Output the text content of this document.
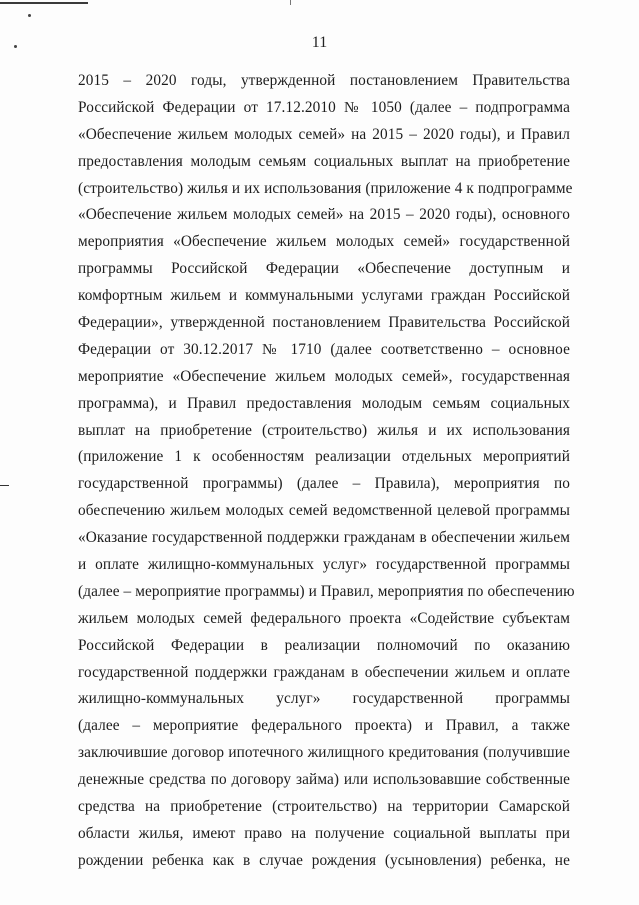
11
2015 – 2020 годы, утвержденной постановлением Правительства
Российской Федерации от 17.12.2010 № 1050 (далее – подпрограмма
«Обеспечение жильем молодых семей» на 2015 – 2020 годы), и Правил
предоставления молодым семьям социальных выплат на приобретение
(строительство) жилья и их использования (приложение 4 к подпрограмме
«Обеспечение жильем молодых семей» на 2015 – 2020 годы), основного
мероприятия «Обеспечение жильем молодых семей» государственной
программы Российской Федерации «Обеспечение доступным и
комфортным жильем и коммунальными услугами граждан Российской
Федерации», утвержденной постановлением Правительства Российской
Федерации от 30.12.2017 № 1710 (далее соответственно – основное
мероприятие «Обеспечение жильем молодых семей», государственная
программа), и Правил предоставления молодым семьям социальных
выплат на приобретение (строительство) жилья и их использования
(приложение 1 к особенностям реализации отдельных мероприятий
государственной программы) (далее – Правила), мероприятия по
обеспечению жильем молодых семей ведомственной целевой программы
«Оказание государственной поддержки гражданам в обеспечении жильем
и оплате жилищно-коммунальных услуг» государственной программы
(далее – мероприятие программы) и Правил, мероприятия по обеспечению
жильем молодых семей федерального проекта «Содействие субъектам
Российской Федерации в реализации полномочий по оказанию
государственной поддержки гражданам в обеспечении жильем и оплате
жилищно-коммунальных услуг» государственной программы
(далее – мероприятие федерального проекта) и Правил, а также
заключившие договор ипотечного жилищного кредитования (получившие
денежные средства по договору займа) или использовавшие собственные
средства на приобретение (строительство) на территории Самарской
области жилья, имеют право на получение социальной выплаты при
рождении ребенка как в случае рождения (усыновления) ребенка, не
